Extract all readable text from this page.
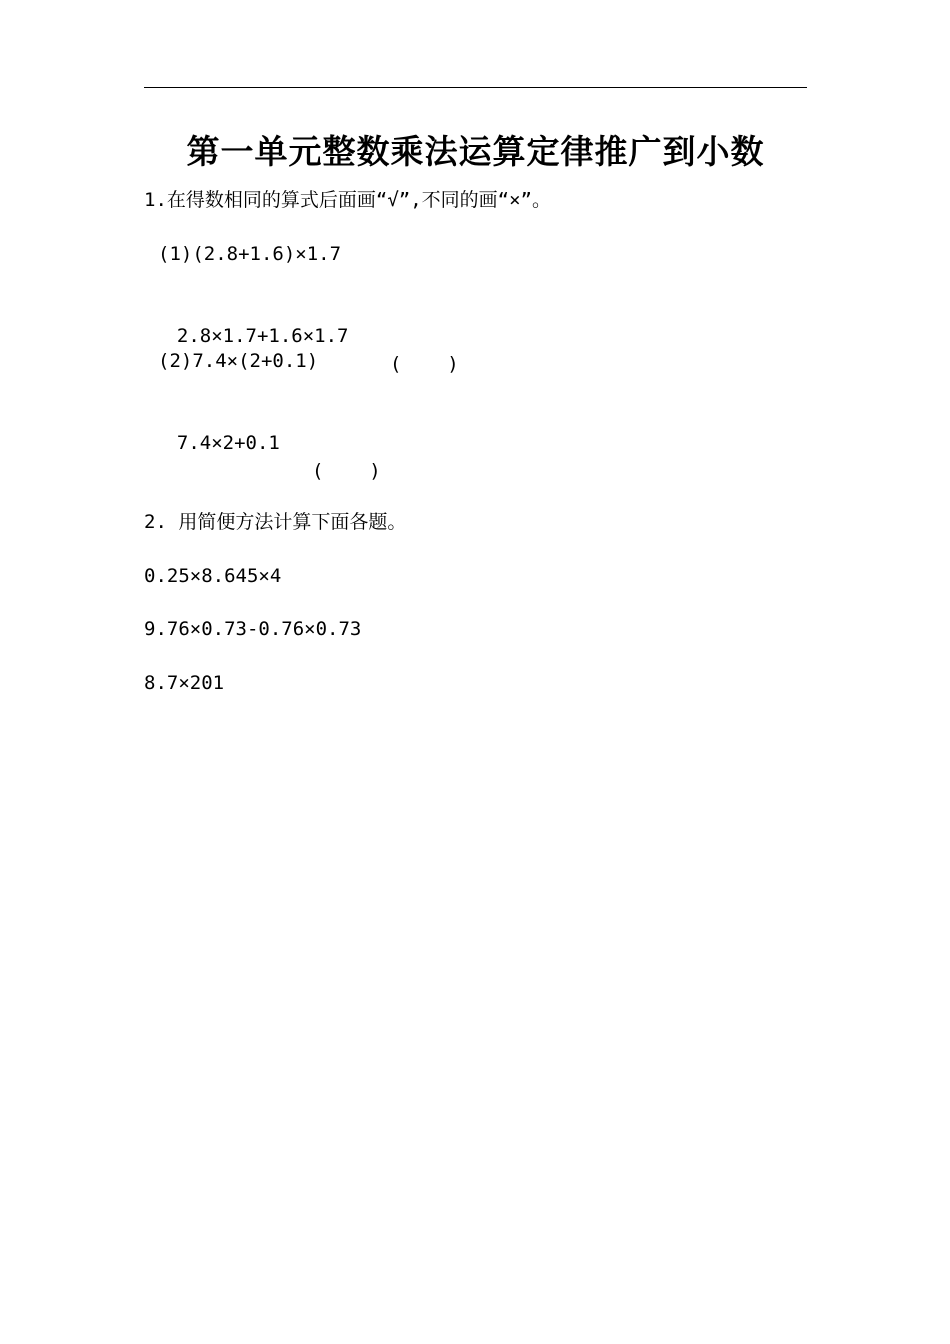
第一单元整数乘法运算定律推广到小数
1.在得数相同的算式后面画“√”,不同的画“×”。
(1)(2.8+1.6)×1.7

2.8×1.7+1.6×1.7

(    )

(2)7.4×(2+0.1)

7.4×2+0.1

(    )

2. 用简便方法计算下面各题。
0.25×8.645×4
9.76×0.73-0.76×0.73
8.7×201
